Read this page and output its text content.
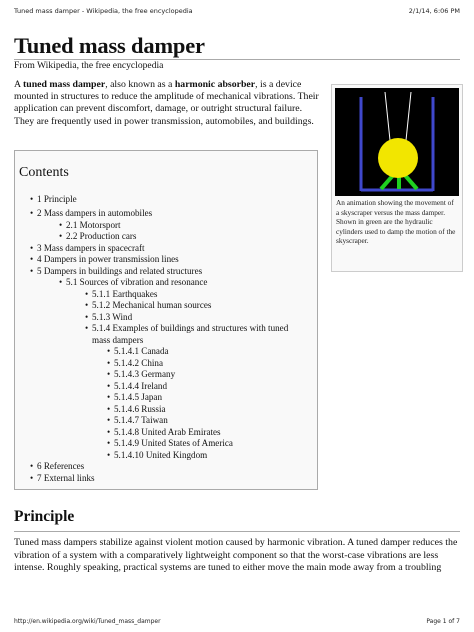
Tuned mass damper - Wikipedia, the free encyclopedia	2/1/14, 6:06 PM
Tuned mass damper
From Wikipedia, the free encyclopedia
A tuned mass damper, also known as a harmonic absorber, is a device mounted in structures to reduce the amplitude of mechanical vibrations. Their application can prevent discomfort, damage, or outright structural failure. They are frequently used in power transmission, automobiles, and buildings.
An animation showing the movement of a skyscraper versus the mass damper. Shown in green are the hydraulic cylinders used to damp the motion of the skyscraper.
Contents
• 1 Principle
• 2 Mass dampers in automobiles
• 2.1 Motorsport
• 2.2 Production cars
• 3 Mass dampers in spacecraft
• 4 Dampers in power transmission lines
• 5 Dampers in buildings and related structures
• 5.1 Sources of vibration and resonance
• 5.1.1 Earthquakes
• 5.1.2 Mechanical human sources
• 5.1.3 Wind
• 5.1.4 Examples of buildings and structures with tuned
mass dampers
• 5.1.4.1 Canada
• 5.1.4.2 China
• 5.1.4.3 Germany
• 5.1.4.4 Ireland
• 5.1.4.5 Japan
• 5.1.4.6 Russia
• 5.1.4.7 Taiwan
• 5.1.4.8 United Arab Emirates
• 5.1.4.9 United States of America
• 5.1.4.10 United Kingdom
• 6 References
• 7 External links
Principle
Tuned mass dampers stabilize against violent motion caused by harmonic vibration. A tuned damper reduces the vibration of a system with a comparatively lightweight component so that the worst-case vibrations are less intense. Roughly speaking, practical systems are tuned to either move the main mode away from a troubling
http://en.wikipedia.org/wiki/Tuned_mass_damper	Page 1 of 7
